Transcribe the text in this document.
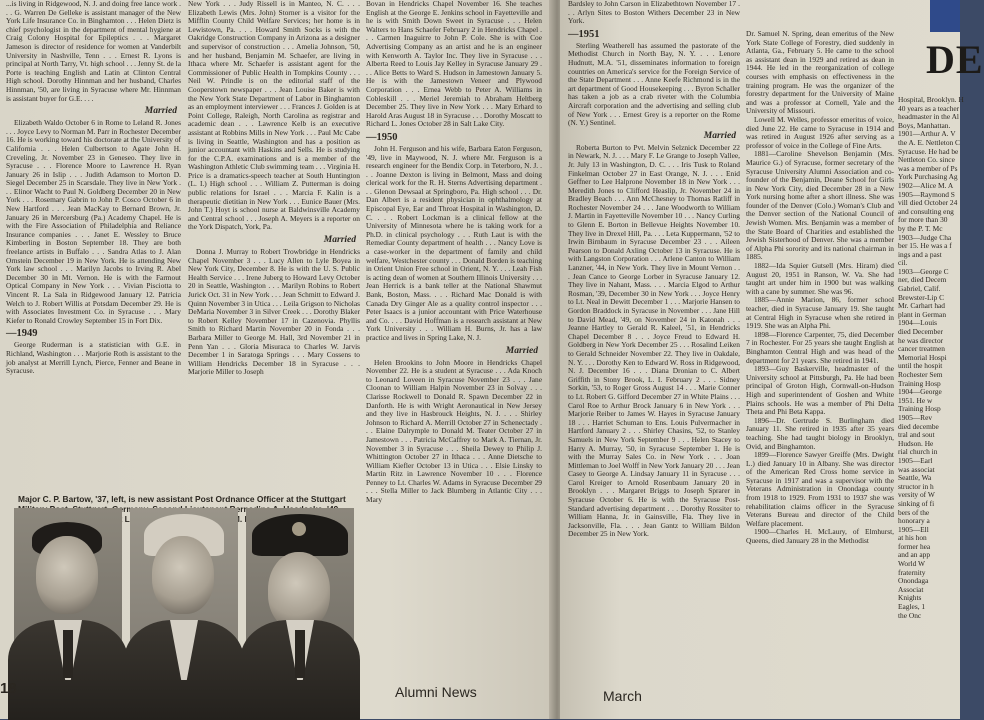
...is living in Ridgewood, N. J. and doing free lance work . . . G. Warren De Gelleke is assistant manager of the New York Life Insurance Co. in Binghamton . . . Helen Dietz is chief psychologist in the department of mental hygiene at Craig Colony Hospital for Epileptics . . . Margaret Jameson is director of residence for women at Vanderbilt University in Nashville, Tenn . . . Ernest R. Lyons is principal at North Tarry, Vt. high school . . . Jenny St. de la Porte is teaching English and Latin at Clinton Central High school. Dorothy Hinnman and her husband, Charles Hinnman, '50, are living in Syracuse where Mr. Hinnman is assistant buyer for G.E. . . .

Married

Elizabeth Waldo October 6 in Rome to Leland R. Jones . . . Joyce Levy to Norman M. Parr in Rochester December 16. He is working toward his doctorate at the University of California . . . Helen Culbertson to Agate John H. Creveling, Jr. November 23 in Geneseo. They live in Syracuse . . . Florence Moore to Lawrence H. Ryan January 26 in Islip . . . Judith Adamson to Morton D. Siegel December 25 in Scarsdale. They live in New York . . . Elinor Wacht to Paul N. Goldberg December 20 in New York . . . Rosemary Gabrin to John P. Cosco October 6 in New Hartford . . . Jean MacKay to Bernard Brown, Jr. January 26 in Mercersburg (Pa.) Academy Chapel. He is with the Fire Association of Philadelphia and Reliance Insurance companies . . . Janet E. Wessley to Bruce Kimberling in Boston September 18. They are both freelance artists in Buffalo . . . Sandra Atlas to J. Alan Ornstein December 19 in New York. He is attending New York law school . . . Marilyn Jacobs to Irving R. Abel December 30 in Mt. Vernon. He is with the Farmout Optical Company in New York . . . Vivian Pisciotta to Vincent R. La Sala in Ridgewood January 12. Patricia Welch to J. Robert Willis at Potsdam December 29. He is with Associates Investment Co. in Syracuse . . . Mary Kiefer to Ronald Crowley September 15 in Fort Dix.

—1949

George Ruderman is a statistician with G.E. in Richland, Washington . . . Marjorie Roth is assistant to the job analyst at Merrill Lynch, Pierce, Fenner and Beane in Syracuse.

New York . . . Judy Rissell is in Manteo, N. C. . . . Elizabeth Lewis (Mrs. John) Storner is a visitor for the Mifflin County Child Welfare Services; her home is in Lewistown, Pa. . . . Howard Smith Socks is with the Oakridge Construction Company in Arizona as a designer and supervisor of construction . . . Amelia Johnson, '50, and her husband, Benjamin M. Schaefer, are living in Ithaca where Mr. Schaefer is assistant agent for the Commissioner of Public Health in Tompkins County . . . Neil W. Prindle is on the editorial staff of the Cooperstown newspaper . . . Jean Louise Baker is with the New York State Department of Labor in Binghamton as an employment interviewer . . . Frances J. Golden is at Point College, Raleigh, North Carolina as registrar and academic dean . . . Lawrence Kelb is an executive assistant at Robbins Mills in New York . . . Paul Mc Cabe is living in Seattle, Washington and has a position as junior accountant with Haskins and Sells. He is studying for the C.P.A. examinations and is a member of the Washington Athletic Club swimming team . . . Virginia H. Price is a dramatics-speech teacher at South Huntington (L. I.) High school . . . William Z. Putterman is doing public relations for Israel . . . Marcia F. Kalin is a therapeutic dietitian in New York . . . Eunice Bauer (Mrs. John T.) Hoyt is school nurse at Baldwinsville Academy and Central school . . . Joseph A. Meyers is a reporter on the York Dispatch, York, Pa.

Married

Donna J. Murray to Robert Trowbridge in Hendricks Chapel November 3 . . . Lucy Allen to Lyle Boyea in New York City, December 8. He is with the U. S. Public Health Service . . . Irene Juberg to Howard Levy October 20 in Seattle, Washington . . . Marilyn Robins to Robert Jurick Oct. 31 in New York . . . Jean Schmitt to Edward J. Quinn November 3 in Utica . . . Leila Grigson to Nicholas DeMaria November 3 in Silver Creek . . . Dorothy Blaker to Robert Kelley November 17 in Cazenovia. Phyllis Smith to Richard Martin November 20 in Fonda . . . Barbara Miller to George M. Hall, 3rd November 21 in Penn Yan . . . Gloria Misuraca to Charles W. Jarvis December 1 in Saratoga Springs . . . Mary Cossens to William Hendricks December 18 in Syracuse . . . Marjorie Miller to Joseph

Bovan in Hendricks Chapel November 16. She teaches English at the George E. Jenkins school in Fayetteville and he is with Smith Down Sweet in Syracuse . . . Helen Walters to Hans Schaefer February 2 in Hendricks Chapel . . . Carmen Inaguirre to John P. Cole. She is with Coe Advertising Company as an artist and he is an engineer with Kenworth A. Taylor Inc. They live in Syracuse . . . Alberta Reed to Louis Jay Kelley in Syracuse January 29 . . . Alice Betts to Ward S. Hudson in Jamestown January 5. He is with the Jamestown Veneer and Plywood Corporation . . . Ernea Webb to Peter A. Williams in Cobleskill . . . Meriel Jeremiah to Abraham Heltberg December 25. They live in New York . . . Mary Erhard to Harold Aras August 18 in Syracuse . . . Dorothy Moscatt to Richard L. Jones October 28 in Salt Lake City.

—1950

John H. Ferguson and his wife, Barbara Eaton Ferguson, '49, live in Maywood, N. J. where Mr. Ferguson is a research engineer for the Bendix Corp. in Teterboro, N. J. . . . Joanne Dexton is living in Belmont, Mass and doing clerical work for the R. H. Sterns Advertising department . . . Glenon Dewsaal at Springboro, Pa. High school . . . Dr. Dan Albert is a resident physician in ophthalmology at Episcopal Eye, Ear and Throat Hospital in Washington, D. C. . . . Robert Lockman is a clinical fellow at the University of Minnesota where he is taking work for a Ph.D. in clinical psychology . . . Ruth Laut is with the Remediar County department of health . . . Nancy Love is a case-worker in the department of family and child welfare, Westchester county . . . Donald Borden is teaching in Orient Union Free school in Orient, N. Y. . . . Leah Fish is acting dean of women at Southern Illinois University . . . Jean Herrick is a bank teller at the National Shawmut Bank, Boston, Mass. . . . Richard Mac Donald is with Canada Dry Ginger Ale as a quality control inspector . . . Peter Isaacs is a junior accountant with Price Waterhouse and Co. . . . David Hoffman is a research assistant at New York University . . . William H. Burns, Jr. has a law practice and lives in Spring Lake, N. J.

Married

Helen Brookins to John Moore in Hendricks Chapel November 22. He is a student at Syracuse . . . Ada Knoch to Leonard Loveen in Syracuse November 23 . . . Jane Cloonan to William Halpin November 23 in Solvay . . . Clarisse Rockwell to Donald R. Spawn December 22 in Danforth. He is with Wright Aeronautical in New Jersey and they live in Hasbrouck Heights, N. J. . . . Shirley Johnson to Richard A. Merrill October 27 in Schenectady . . . Elaine Dalrymple to Donald M. Teater October 27 in Jamestown . . . Patricia McCaffrey to Mark A. Tiernan, Jr. November 3 in Syracuse . . . Sheila Dewey to Philip J. Whittington October 27 in Ithaca . . . Anne Dietsche to William Kiefler October 13 in Utica . . . Elsie Linsky to Martin Ritz in Lawrence November 10 . . . Florence Penney to Lt. Charles W. Adams in Syracuse December 29 . . . Stella Miller to Jack Blumberg in Atlantic City . . . Mary

Major C. P. Bartow, '37, left, is new assistant Post Ordnance Officer at the Stuttgart
18	Alumni News

Bardsley to John Carson in Elizabethtown November 17 . . . Arlyn Sites to Boston Withers December 23 in New York.

—1951

Sterling Weatherell has assumed the pastorate of the Methodist Church in North Bay, N. Y. . . . Lenore Hudnutt, M.A. '51, disseminates information to foreign countries on America's service for the Foreign Service of the State Department . . . Anne Keefe Richmond is in the art department of Good Housekeeping . . . Byron Schaller has taken a job as a crab riveter with the Columbia Aircraft corporation and the advertising and selling club of New York . . . Ernest Grey is a reporter on the Rome (N. Y.) Sentinel.

Married

Roberta Burton to Pvt. Melvin Selznick December 22 in Newark, N. J. . . . Mary F. Le Grange to Joseph Vallee, Jr. July 13 in Washington, D. C. . . . Iris Tusk to Roland Finkelman October 27 in East Orange, N. J. . . . Enid Geffner to Lee Halprone November 18 in New York . . . Meredith Jones to Clifford Heaslip, Jr. November 24 in Bradley Beach . . . Ann McChesney to Thomas Ratliff in Rochester November 24 . . . Jane Woodworth to William J. Martin in Fayetteville November 10 . . . Nancy Curling to Glenn E. Borton in Bellevue Heights November 10. They live in Drexel Hill, Pa. . . . Leta Kuppermann, '52 to Irwin Birnbaum in Syracuse December 23 . . . Aileen Pearson to Donald Axling October 13 in Syracuse. He is with Langston Corporation . . . Arlene Canton to William Lanzner, '44, in New York. They live in Mount Vernon . . . Jean Cance to George Lorber in Syracuse January 12. They live in Nahant, Mass. . . . Marcia Elgod to Arthur Rosman, '39, December 30 in New York . . . Joyce Henry to Lt. Neal in Dewitt December 1 . . . Marjorie Hansen to Gordon Braddock in Syracuse in November . . . Jane Hill to David Mead, '49, on November 24 in Katonah . . . Jeanne Hartley to Gerald R. Kaleel, '51, in Hendricks Chapel December 8 . . . Joyce Freud to Edward H. Goldberg in New York December 25 . . . Rosalind Leiken to Gerald Schneider November 22. They live in Oakdale, N. Y. . . . Dorothy Ken to Edward W. Ross in Ridgewood, N. J. December 16 . . . Diana Dronian to C. Albert Griffith in Stony Brook, L. I. February 2 . . . Sidney Sorkin, '53, to Roger Gross August 14 . . . Marie Conner to Lt. Robert G. Gifford December 27 in White Plains . . . Carol Roe to Arthur Brock January 6 in New York . . . Marjorie Reiber to James W. Hayes in Syracuse January 18 . . . Harriet Schuman to Ens. Louis Pulvermacher in Hartford January 2 . . . Shirley Chasins, '52, to Stanley Samuels in New York September 9 . . . Helen Stacey to Harry A. Murray, '50, in Syracuse September 1. He is with the Murray Sales Co. in New York . . . Joan Mittleman to Joel Wolff in New York January 20 . . . Jean Casey to George A. Lindsay January 11 in Syracuse . . . Carol Kreiger to Arnold Rosenbaum January 20 in Brooklyn . . . Margaret Briggs to Joseph Sprarer in Syracuse October 6. He is with the Syracuse Post-Standard advertising department . . . Dorothy Rossiter to William Hanna, Jr. in Gainsville, Fla. They live in Jacksonville, Fla. . . . Jean Gantz to William Bildon December 25 in New York.

Dr. Samuel N. Spring, dean emeritus of the New York State College of Forestry, died suddenly in Atlanta, Ga., February 5. He came to the school as assistant dean in 1929 and retired as dean in 1944. He led in the reorganization of college courses with emphasis on effectiveness in the training program. He was the organizer of the forestry department for the University of Maine and was a professor at Cornell, Yale and the University of Missouri.

Lowell M. Welles, professor emeritus of voice, died June 22. He came to Syracuse in 1914 and was retired in August 1926 after serving as a professor of voice in the College of Fine Arts.

1881—Caroline Shevelson Benjamin (Mrs. Maurice G.) of Syracuse, former secretary of the Syracuse University Alumni Association and co-founder of the Benjamin, Deane School for Girls in New York City, died December 28 in a New York nursing home after a short illness. She was founder of the Denver (Colo.) Woman's Club and the Denver section of the National Council of Jewish Women. Mrs. Benjamin was a member of the State Board of Charities and established the Jewish Sisterhood of Denver. She was a member of Alpha Phi sorority and its national chairman in 1885.

1882—Ida Squier Gutsell (Mrs. Hiram) died August 20, 1951 in Ranson, W. Va. She had taught art under him in 1900 but was walking with a cane by summer. She was 96.

1885—Annie Marion, 86, former school teacher, died in Syracuse January 19. She taught at Central High in Syracuse when she retired in 1919. She was an Alpha Phi.

1898—Florence Carpenter, 75, died December 7 in Rochester. For 25 years she taught English at Binghamton Central High and was head of the department for 21 years. She retired in 1941.

1893—Guy Baskerville, headmaster of the University school at Pittsburgh, Pa. He had been principal of Groton High, Cornwall-on-Hudson High and superintendent of Goshen and White Plains schools. He was a member of Phi Delta Theta and Phi Beta Kappa.

1896—Dr. Gertrude S. Burlingham died January 11. She retired in 1935 after 35 years teaching. She had taught biology in Brooklyn, Ovid, and Binghamton.

1899—Florence Sawyer Greiffe (Mrs. Dwight L.) died January 10 in Albany. She was director of the American Red Cross home service in Syracuse in 1917 and was a supervisor with the Veterans Administration in Onondaga county from 1918 to 1929. From 1931 to 1937 she was rehabilitation claims officer in the Syracuse Veterans Bureau and director of the Child Welfare placement.

1900—Charles H. McLaury, of Elmhurst, Queens, died January 28 in the Methodist

Hospital, Brooklyn. H
40 years as a teacher
headmaster in the Al
Boys, Manhattan.
1901—Arthur A. V
the A. E. Nettleton C
Syracuse. He had be
Nettleton Co. since
was a member of Ps
York Purchasing Ag
1902—Alice M. A
1905—Raymond S
vill died October 24
and consulting eng
for more than 30
by the P. T. Mc
1903—Judge Cha
ber 15. He was a f
ings and a past
cil.
1903—George C
ner, died Decem
Gabriel, Calif.
Brewster-Lip C
Mr. Carhart had
plant in German
1904—Louis
died December
he was director
cancer treatmen
Memorial Hospi
until the hospit
Rochester Sem
Training Hosp
1904—George
1951. He w
Training Hosp
1905—Rev
died decembe
tral and sout
Hudson. He
rial church in
1905—Earl
was associat
Seattle, Wa
structor in h
versity of W
sinking of fi
bers of the
honorary a
1905—Ell
at his hon
former hea
and an app
World W
fraternity
Onondaga
Associat
Knights
Eagles, 1
the Onc
March
DE
